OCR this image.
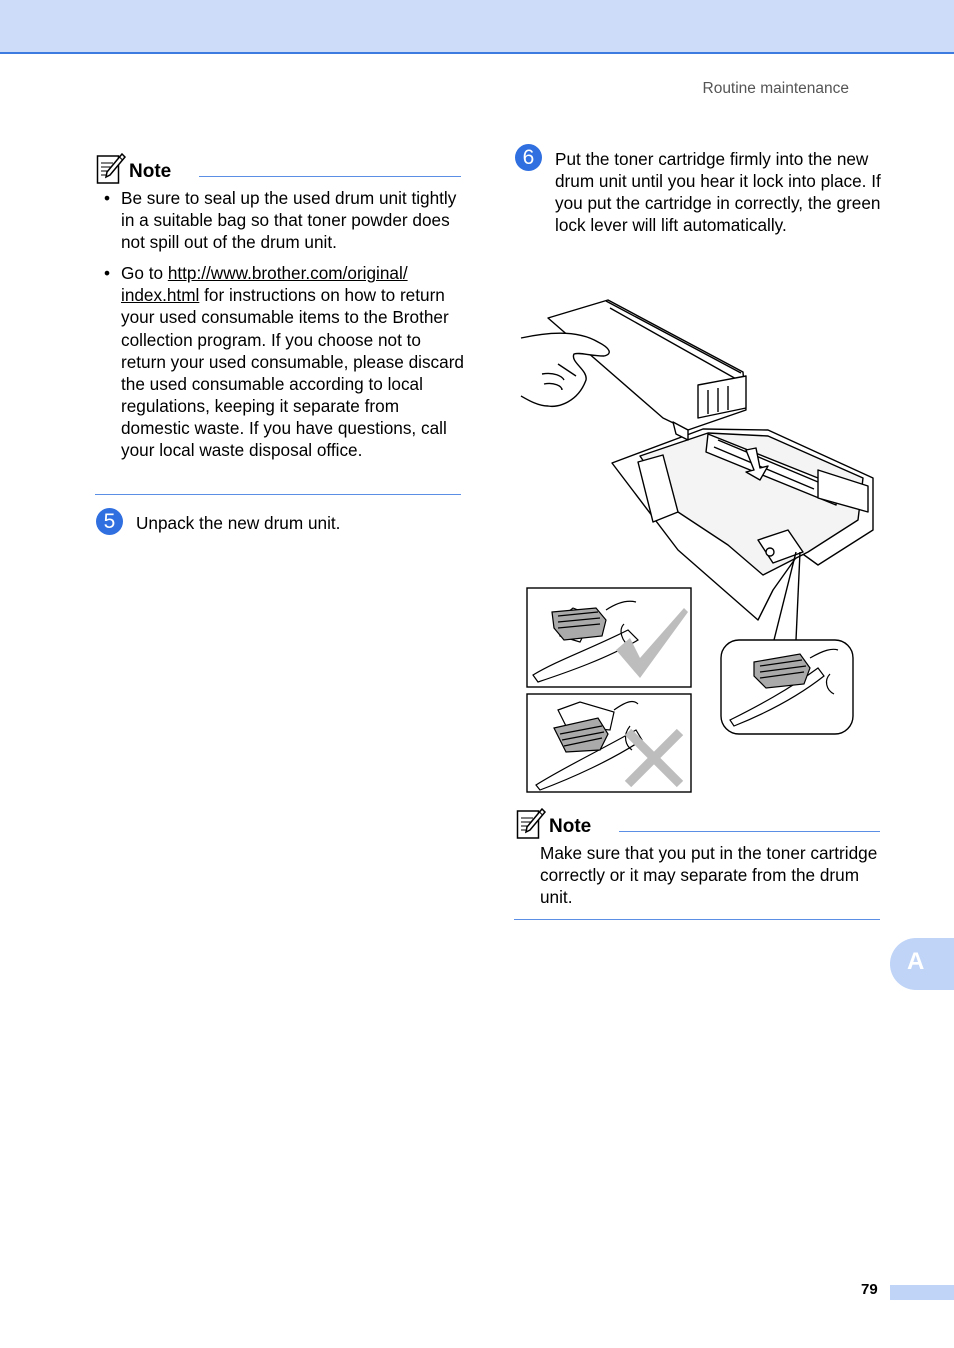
Routine maintenance
Note
• Be sure to seal up the used drum unit tightly in a suitable bag so that toner powder does not spill out of the drum unit.
• Go to http://www.brother.com/original/
index.html for instructions on how to return your used consumable items to the Brother collection program. If you choose not to return your used consumable, please discard the used consumable according to local regulations, keeping it separate from domestic waste. If you have questions, call your local waste disposal office.
5	Unpack the new drum unit.
6	Put the toner cartridge firmly into the new drum unit until you hear it lock into place. If you put the cartridge in correctly, the green lock lever will lift automatically.
Note
Make sure that you put in the toner cartridge correctly or it may separate from the drum unit.
A
79
